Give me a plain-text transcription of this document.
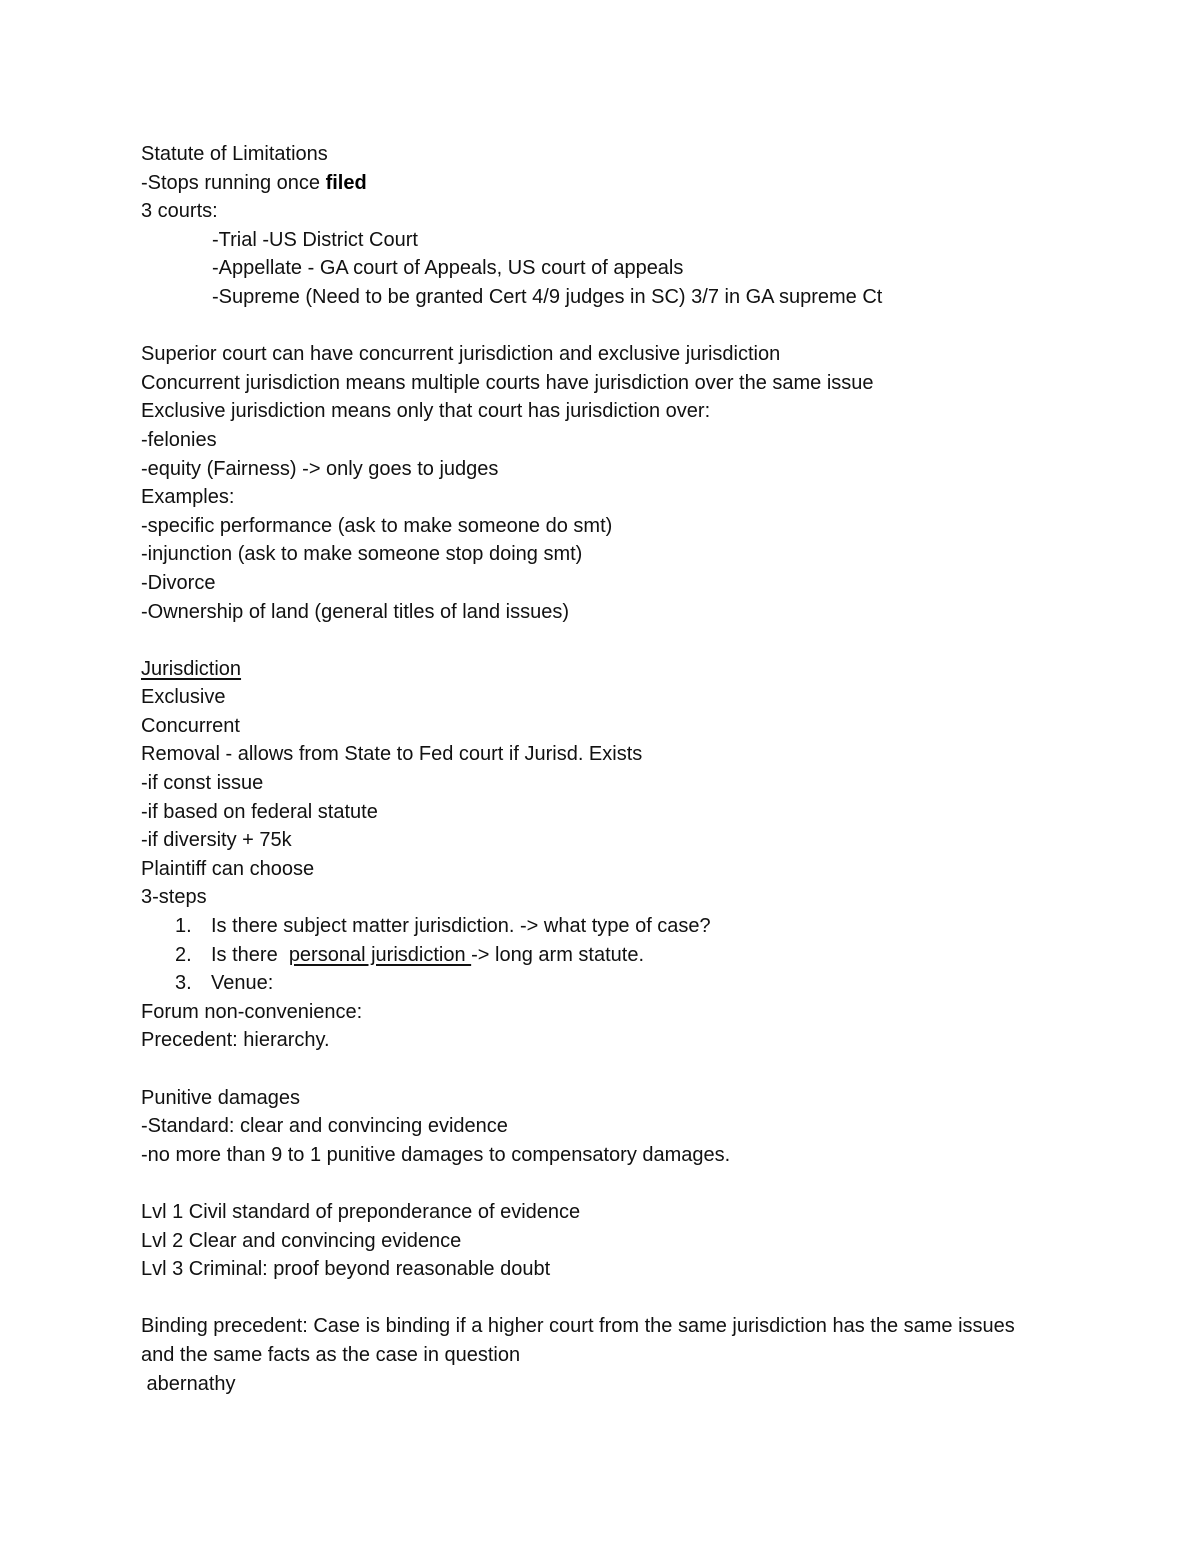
Statute of Limitations
-Stops running once filed
3 courts:
-Trial -US District Court
-Appellate - GA court of Appeals, US court of appeals
-Supreme (Need to be granted Cert 4/9 judges in SC) 3/7 in GA supreme Ct
Superior court can have concurrent jurisdiction and exclusive jurisdiction
Concurrent jurisdiction means multiple courts have jurisdiction over the same issue
Exclusive jurisdiction means only that court has jurisdiction over:
-felonies
-equity (Fairness) -> only goes to judges
Examples:
-specific performance (ask to make someone do smt)
-injunction (ask to make someone stop doing smt)
-Divorce
-Ownership of land (general titles of land issues)
Jurisdiction
Exclusive
Concurrent
Removal - allows from State to Fed court if Jurisd. Exists
-if const issue
-if based on federal statute
-if diversity + 75k
Plaintiff can choose
3-steps
1. Is there subject matter jurisdiction. -> what type of case?
2. Is there  personal jurisdiction -> long arm statute.
3. Venue:
Forum non-convenience:
Precedent: hierarchy.
Punitive damages
-Standard: clear and convincing evidence
-no more than 9 to 1 punitive damages to compensatory damages.
Lvl 1 Civil standard of preponderance of evidence
Lvl 2 Clear and convincing evidence
Lvl 3 Criminal: proof beyond reasonable doubt
Binding precedent: Case is binding if a higher court from the same jurisdiction has the same issues and the same facts as the case in question
abernathy
